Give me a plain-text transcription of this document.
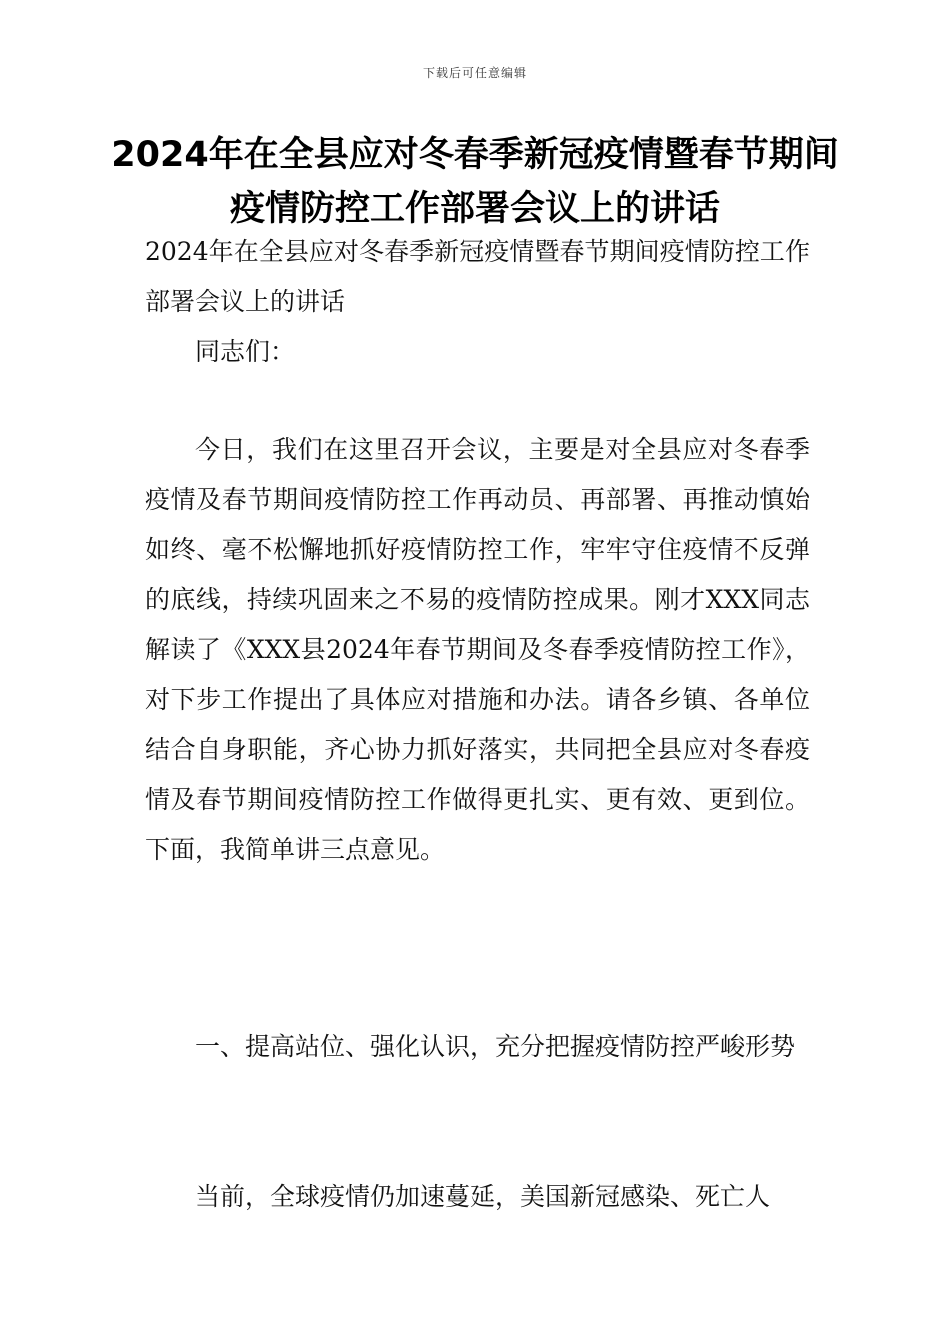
下载后可任意编辑
2024年在全县应对冬春季新冠疫情暨春节期间疫情防控工作部署会议上的讲话

2024年在全县应对冬春季新冠疫情暨春节期间疫情防控工作部署会议上的讲话

同志们：

今日，我们在这里召开会议，主要是对全县应对冬春季疫情及春节期间疫情防控工作再动员、再部署、再推动慎始如终、毫不松懈地抓好疫情防控工作，牢牢守住疫情不反弹的底线，持续巩固来之不易的疫情防控成果。刚才XXX同志解读了《XXX县2024年春节期间及冬春季疫情防控工作》，对下步工作提出了具体应对措施和办法。请各乡镇、各单位结合自身职能，齐心协力抓好落实，共同把全县应对冬春疫情及春节期间疫情防控工作做得更扎实、更有效、更到位。下面，我简单讲三点意见。

一、提高站位、强化认识，充分把握疫情防控严峻形势

当前，全球疫情仍加速蔓延，美国新冠感染、死亡人
